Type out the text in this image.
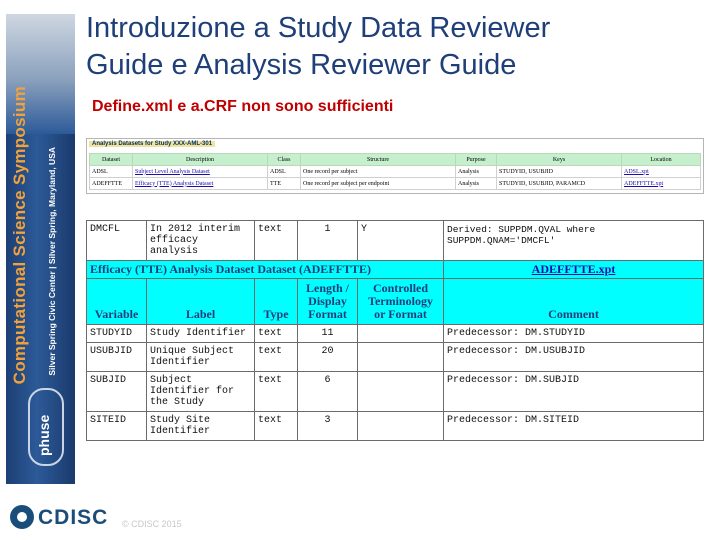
Computational Science Symposium Silver Spring Civic Center | Silver Spring, Maryland, USA
phuse
Introduzione a Study Data Reviewer
Guide e Analysis Reviewer Guide
Define.xml e a.CRF non sono sufficienti
Analysis Datasets for Study XXX-AML-301
Dataset	Description	Class	Structure	Purpose	Keys	Location
ADSL	Subject Level Analysis Dataset	ADSL	One record per subject	Analysis	STUDYID, USUBJID	ADSL.xpt
ADEFFTTE	Efficacy (TTE) Analysis Dataset	TTE	One record per subject per endpoint	Analysis	STUDYID, USUBJID, PARAMCD	ADEFFTTE.xpt
DMCFL	In 2012 interim efficacy analysis	text	1	Y	Derived: SUPPDM.QVAL where SUPPDM.QNAM='DMCFL'
Efficacy (TTE) Analysis Dataset Dataset (ADEFFTTE)					ADEFFTTE.xpt
Variable	Label	Type	Length / Display Format	Controlled Terminology or Format	Comment
STUDYID	Study Identifier	text	11		Predecessor: DM.STUDYID
USUBJID	Unique Subject Identifier	text	20		Predecessor: DM.USUBJID
SUBJID	Subject Identifier for the Study	text	6		Predecessor: DM.SUBJID
SITEID	Study Site Identifier	text	3		Predecessor: DM.SITEID
CDISC © CDISC 2015
